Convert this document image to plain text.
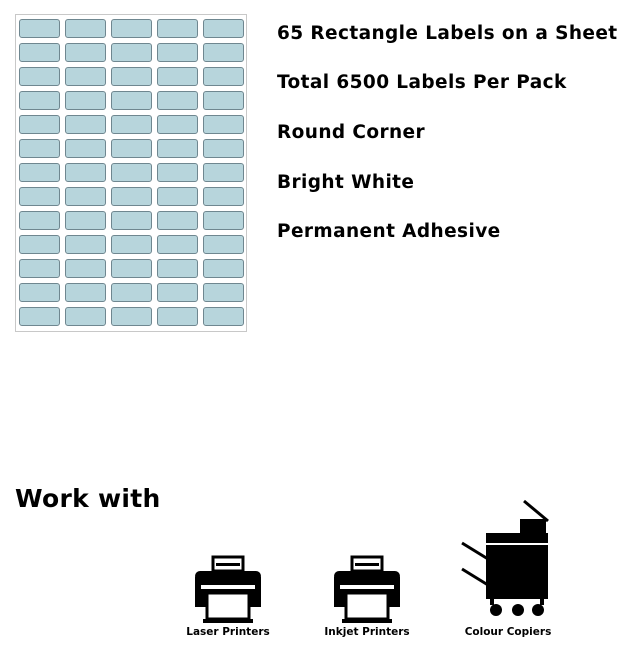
65 Rectangle Labels on a Sheet
Total 6500 Labels Per Pack
Round Corner
Bright White
Permanent Adhesive
Work with
Laser Printers	Inkjet Printers	Colour Copiers
